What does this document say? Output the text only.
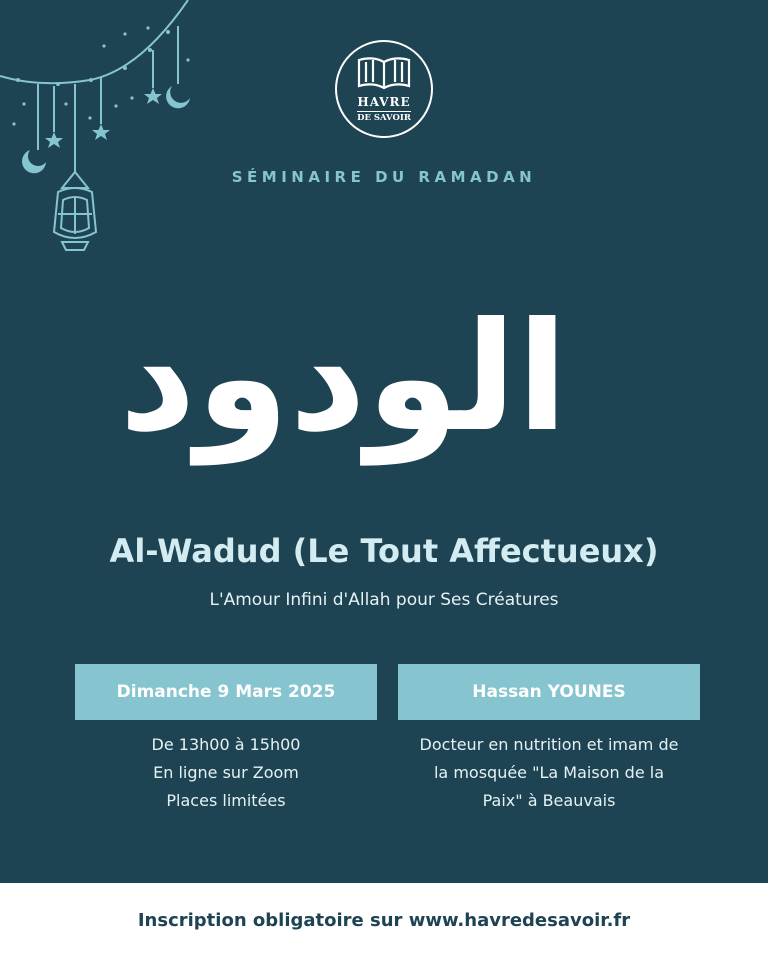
HAVRE
DE SAVOIR
SÉMINAIRE DU RAMADAN
الودود
Al-Wadud (Le Tout Affectueux)
L'Amour Infini d'Allah pour Ses Créatures
Dimanche 9 Mars 2025	Hassan YOUNES
De 13h00 à 15h00
En ligne sur Zoom
Places limitées
Docteur en nutrition et imam de
la mosquée "La Maison de la
Paix" à Beauvais
Inscription obligatoire sur www.havredesavoir.fr
